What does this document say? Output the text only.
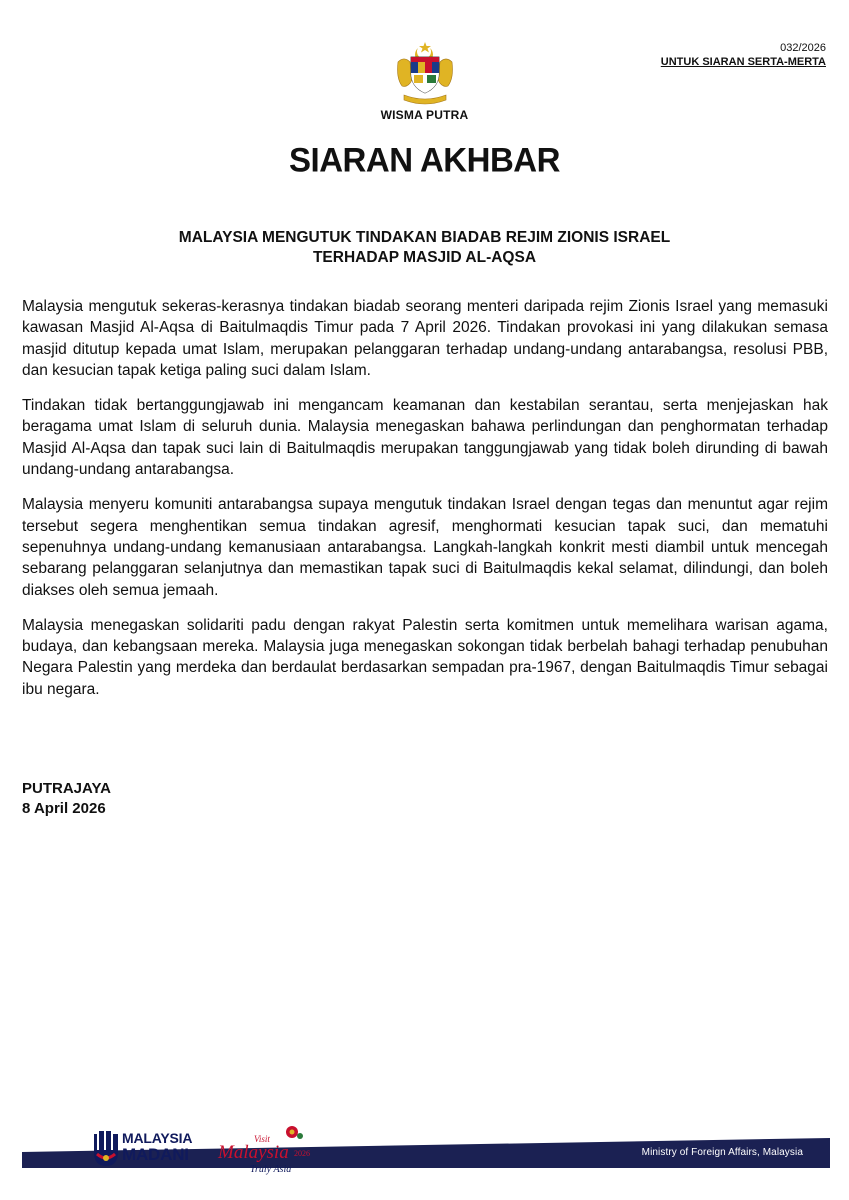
032/2026
UNTUK SIARAN SERTA-MERTA
WISMA PUTRA
SIARAN AKHBAR
MALAYSIA MENGUTUK TINDAKAN BIADAB REJIM ZIONIS ISRAEL
TERHADAP MASJID AL-AQSA

Malaysia mengutuk sekeras-kerasnya tindakan biadab seorang menteri daripada rejim Zionis Israel yang memasuki kawasan Masjid Al-Aqsa di Baitulmaqdis Timur pada 7 April 2026. Tindakan provokasi ini yang dilakukan semasa masjid ditutup kepada umat Islam, merupakan pelanggaran terhadap undang-undang antarabangsa, resolusi PBB, dan kesucian tapak ketiga paling suci dalam Islam.

Tindakan tidak bertanggungjawab ini mengancam keamanan dan kestabilan serantau, serta menjejaskan hak beragama umat Islam di seluruh dunia. Malaysia menegaskan bahawa perlindungan dan penghormatan terhadap Masjid Al-Aqsa dan tapak suci lain di Baitulmaqdis merupakan tanggungjawab yang tidak boleh dirunding di bawah undang-undang antarabangsa.

Malaysia menyeru komuniti antarabangsa supaya mengutuk tindakan Israel dengan tegas dan menuntut agar rejim tersebut segera menghentikan semua tindakan agresif, menghormati kesucian tapak suci, dan mematuhi sepenuhnya undang-undang kemanusiaan antarabangsa. Langkah-langkah konkrit mesti diambil untuk mencegah sebarang pelanggaran selanjutnya dan memastikan tapak suci di Baitulmaqdis kekal selamat, dilindungi, dan boleh diakses oleh semua jemaah.

Malaysia menegaskan solidariti padu dengan rakyat Palestin serta komitmen untuk memelihara warisan agama, budaya, dan kebangsaan mereka. Malaysia juga menegaskan sokongan tidak berbelah bahagi terhadap penubuhan Negara Palestin yang merdeka dan berdaulat berdasarkan sempadan pra-1967, dengan Baitulmaqdis Timur sebagai ibu negara.

PUTRAJAYA
8 April 2026
Ministry of Foreign Affairs, Malaysia
MALAYSIA
MADANI
Visit
Malaysia 2026
Truly Asia
